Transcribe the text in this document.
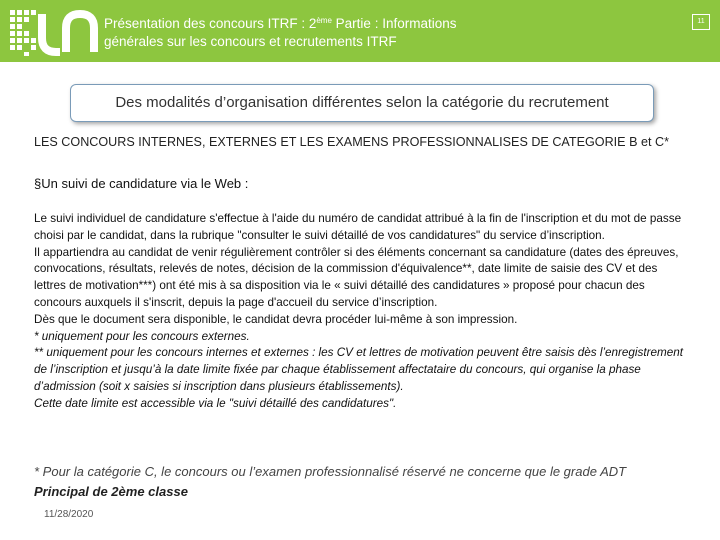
Présentation des concours ITRF : 2ème Partie : Informations
générales sur les concours et recrutements ITRF
11
Des modalités d’organisation différentes selon la catégorie du recrutement
LES CONCOURS INTERNES, EXTERNES ET LES EXAMENS PROFESSIONNALISES DE CATEGORIE B et C*
§Un suivi de candidature via le Web :

Le suivi individuel de candidature s'effectue à l'aide du numéro de candidat attribué à la fin de l'inscription et du mot de passe choisi par le candidat, dans la rubrique "consulter le suivi détaillé de vos candidatures" du service d’inscription.

Il appartiendra au candidat de venir régulièrement contrôler si des éléments concernant sa candidature (dates des épreuves, convocations, résultats, relevés de notes, décision de la commission d'équivalence**, date limite de saisie des CV et des lettres de motivation***) ont été mis à sa disposition via le « suivi détaillé des candidatures » proposé pour chacun des concours auxquels il s'inscrit, depuis la page d'accueil du service d’inscription.

Dès que le document sera disponible, le candidat devra procéder lui-même à son impression.

* uniquement pour les concours externes.

** uniquement pour les concours internes et externes : les CV et lettres de motivation peuvent être saisis dès l’enregistrement de l’inscription et jusqu’à la date limite fixée par chaque établissement affectataire du concours, qui organise la phase d’admission (soit x saisies si inscription dans plusieurs établissements).

Cette date limite est accessible via le "suivi détaillé des candidatures".

* Pour la catégorie C, le concours ou l’examen professionnalisé réservé ne concerne que le grade ADT
Principal de 2ème classe
11/28/2020
